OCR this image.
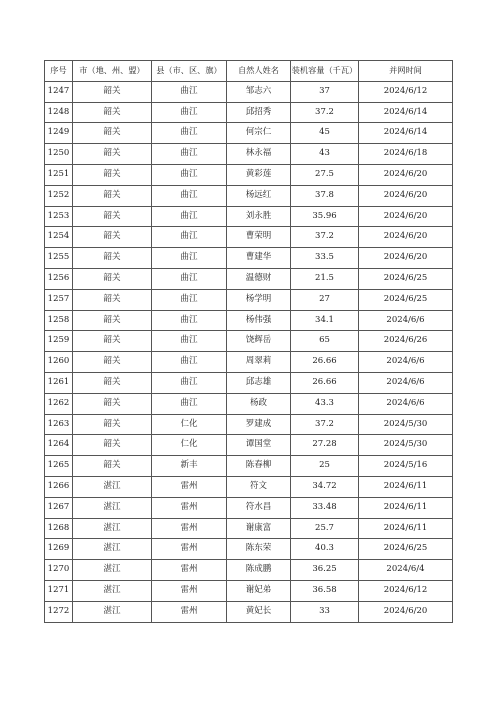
序号	市（地、州、盟）	县（市、区、旗）	自然人姓名	装机容量（千瓦）	并网时间
1247	韶关	曲江	邹志六	37	2024/6/12
1248	韶关	曲江	邱招秀	37.2	2024/6/14
1249	韶关	曲江	何宗仁	45	2024/6/14
1250	韶关	曲江	林永福	43	2024/6/18
1251	韶关	曲江	黄彩莲	27.5	2024/6/20
1252	韶关	曲江	杨远红	37.8	2024/6/20
1253	韶关	曲江	刘永胜	35.96	2024/6/20
1254	韶关	曲江	曹荣明	37.2	2024/6/20
1255	韶关	曲江	曹建华	33.5	2024/6/20
1256	韶关	曲江	温德财	21.5	2024/6/25
1257	韶关	曲江	杨学明	27	2024/6/25
1258	韶关	曲江	杨伟强	34.1	2024/6/6
1259	韶关	曲江	饶辉岳	65	2024/6/26
1260	韶关	曲江	周翠莉	26.66	2024/6/6
1261	韶关	曲江	邱志雄	26.66	2024/6/6
1262	韶关	曲江	杨政	43.3	2024/6/6
1263	韶关	仁化	罗建成	37.2	2024/5/30
1264	韶关	仁化	谭国堂	27.28	2024/5/30
1265	韶关	新丰	陈春柳	25	2024/5/16
1266	湛江	雷州	符文	34.72	2024/6/11
1267	湛江	雷州	符水昌	33.48	2024/6/11
1268	湛江	雷州	谢康富	25.7	2024/6/11
1269	湛江	雷州	陈东荣	40.3	2024/6/25
1270	湛江	雷州	陈成鹏	36.25	2024/6/4
1271	湛江	雷州	谢妃弟	36.58	2024/6/12
1272	湛江	雷州	黄妃长	33	2024/6/20
